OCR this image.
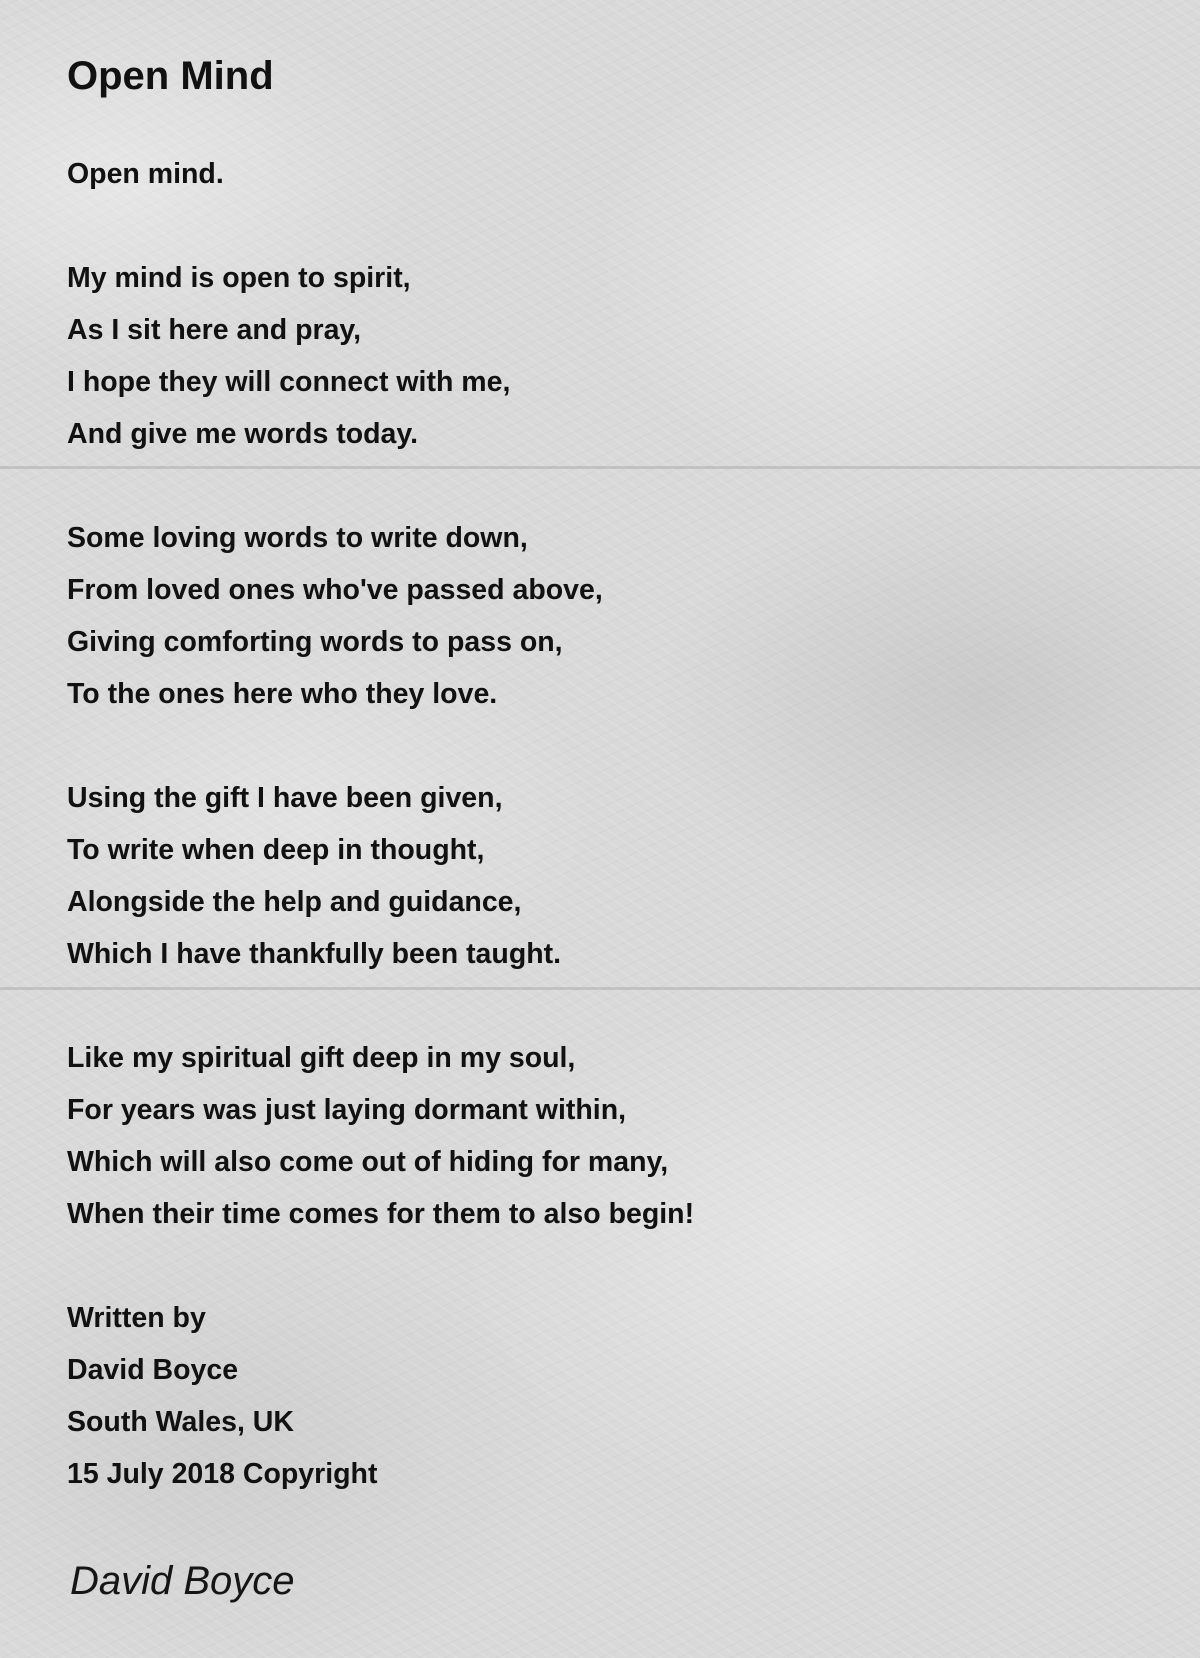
Open Mind
Open mind.
My mind is open to spirit,
As I sit here and pray,
I hope they will connect with me,
And give me words today.
Some loving words to write down,
From loved ones who've passed above,
Giving comforting words to pass on,
To the ones here who they love.
Using the gift I have been given,
To write when deep in thought,
Alongside the help and guidance,
Which I have thankfully been taught.
Like my spiritual gift deep in my soul,
For years was just laying dormant within,
Which will also come out of hiding for many,
When their time comes for them to also begin!
Written by
David Boyce
South Wales, UK
15 July 2018 Copyright
David Boyce
